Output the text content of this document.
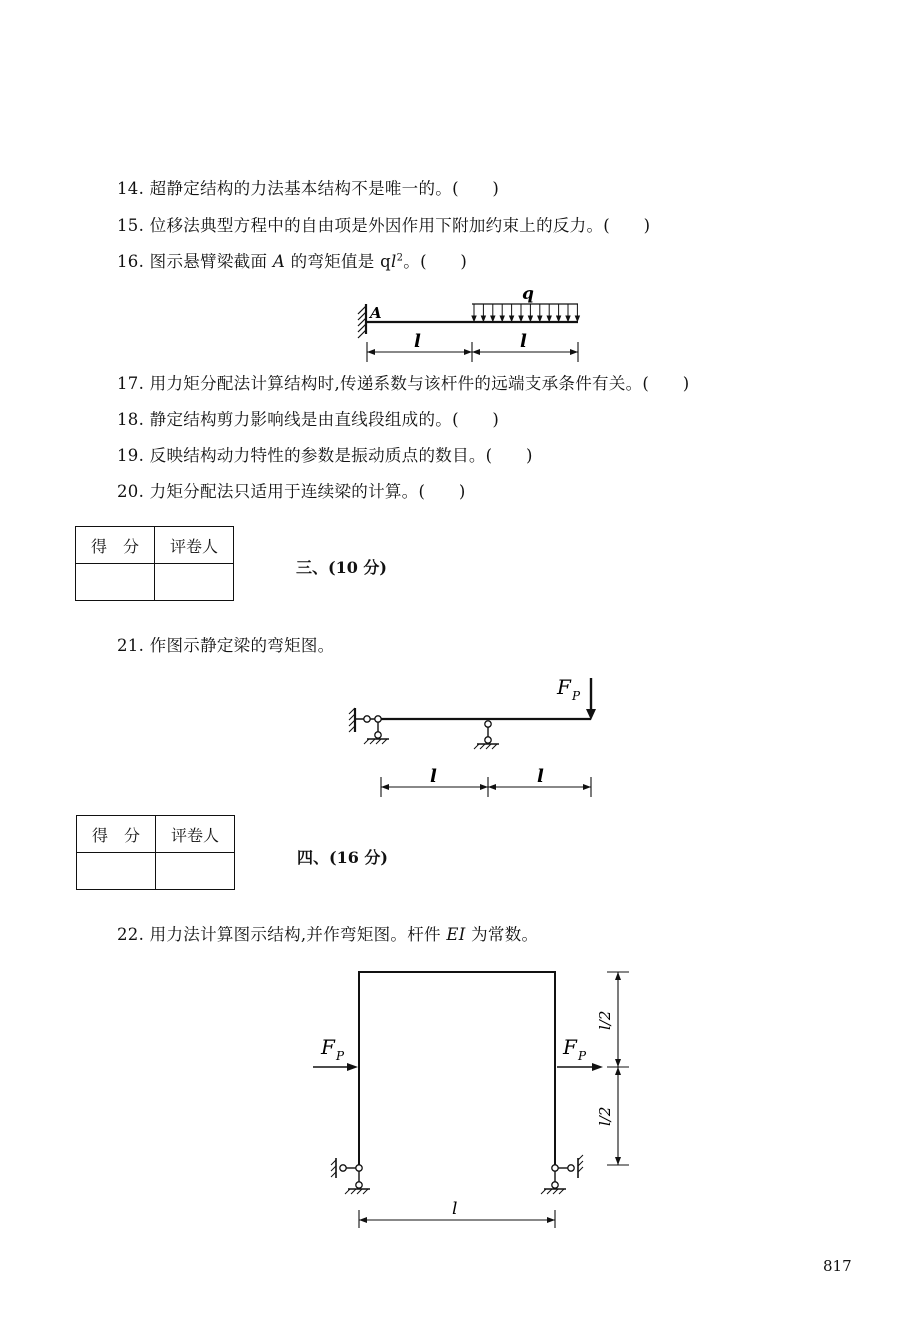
14. 超静定结构的力法基本结构不是唯一的。(　　)
15. 位移法典型方程中的自由项是外因作用下附加约束上的反力。(　　)
16. 图示悬臂梁截面 A 的弯矩值是 $ql^2$。(　　)
A
q
l	l
17. 用力矩分配法计算结构时,传递系数与该杆件的远端支承条件有关。(　　)
18. 静定结构剪力影响线是由直线段组成的。(　　)
19. 反映结构动力特性的参数是振动质点的数目。(　　)
20. 力矩分配法只适用于连续梁的计算。(　　)
得　分	评卷人

三、(10 分)
21. 作图示静定梁的弯矩图。
F P
l	l
得　分	评卷人

四、(16 分)
22. 用力法计算图示结构,并作弯矩图。杆件 EI 为常数。
F P	F P
l/2
l/2
l
817
